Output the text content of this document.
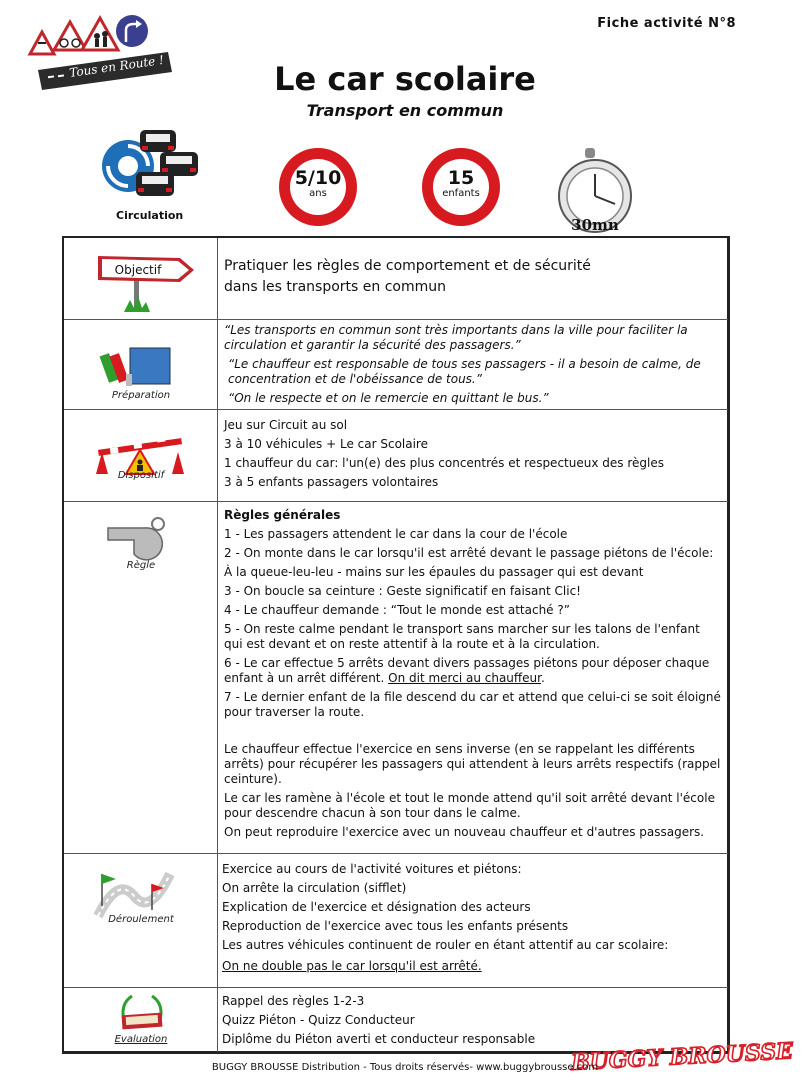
Fiche activité N°8
Tous en Route !	Le car scolaire
Transport en commun
Circulation
5/10
ans
15
enfants
30mn
Objectif	Pratiquer les règles de comportement et de sécurité
dans les transports en commun
Préparation
“Les transports en commun sont très importants dans la ville pour faciliter la circulation et garantir la sécurité des passagers.”
“Le chauffeur est responsable de tous ses passagers - il a besoin de calme, de concentration et de l'obéissance de tous.”
“On le respecte et on le remercie en quittant le bus.”
Dispositif
Jeu sur Circuit au sol
3 à 10 véhicules + Le car Scolaire
1 chauffeur du car: l'un(e) des plus concentrés et respectueux des règles
3 à 5 enfants passagers volontaires
Règle
Règles générales
1 - Les passagers attendent le car dans la cour de l'école
2 - On monte dans le car lorsqu'il est arrêté devant le passage piétons de l'école:
À la queue-leu-leu - mains sur les épaules du passager qui est devant
3 - On boucle sa ceinture : Geste significatif en faisant Clic!
4 - Le chauffeur demande : “Tout le monde est attaché ?”
5 - On reste calme pendant le transport sans marcher sur les talons de l'enfant qui est devant et on reste attentif à la route et à la circulation.
6 - Le car effectue 5 arrêts devant divers passages piétons pour déposer chaque enfant à un arrêt différent. On dit merci au chauffeur.
7 - Le dernier enfant de la file descend du car et attend que celui-ci se soit éloigné pour traverser la route.
Le chauffeur effectue l'exercice en sens inverse (en se rappelant les différents arrêts) pour récupérer les passagers qui attendent à leurs arrêts respectifs (rappel ceinture).
Le car les ramène à l'école et tout le monde attend qu'il soit arrêté devant l'école pour descendre chacun à son tour dans le calme.
On peut reproduire l'exercice avec un nouveau chauffeur et d'autres passagers.
Déroulement
Exercice au cours de l'activité voitures et piétons:
On arrête la circulation (sifflet)
Explication de l'exercice et désignation des acteurs
Reproduction de l'exercice avec tous les enfants présents
Les autres véhicules continuent de rouler en étant attentif au car scolaire:
On ne double pas le car lorsqu'il est arrêté.
Evaluation
Rappel des règles 1-2-3
Quizz Piéton - Quizz Conducteur
Diplôme du Piéton averti et conducteur responsable	BUGGY BROUSSE
BUGGY BROUSSE Distribution - Tous droits réservés- www.buggybrousse.com
